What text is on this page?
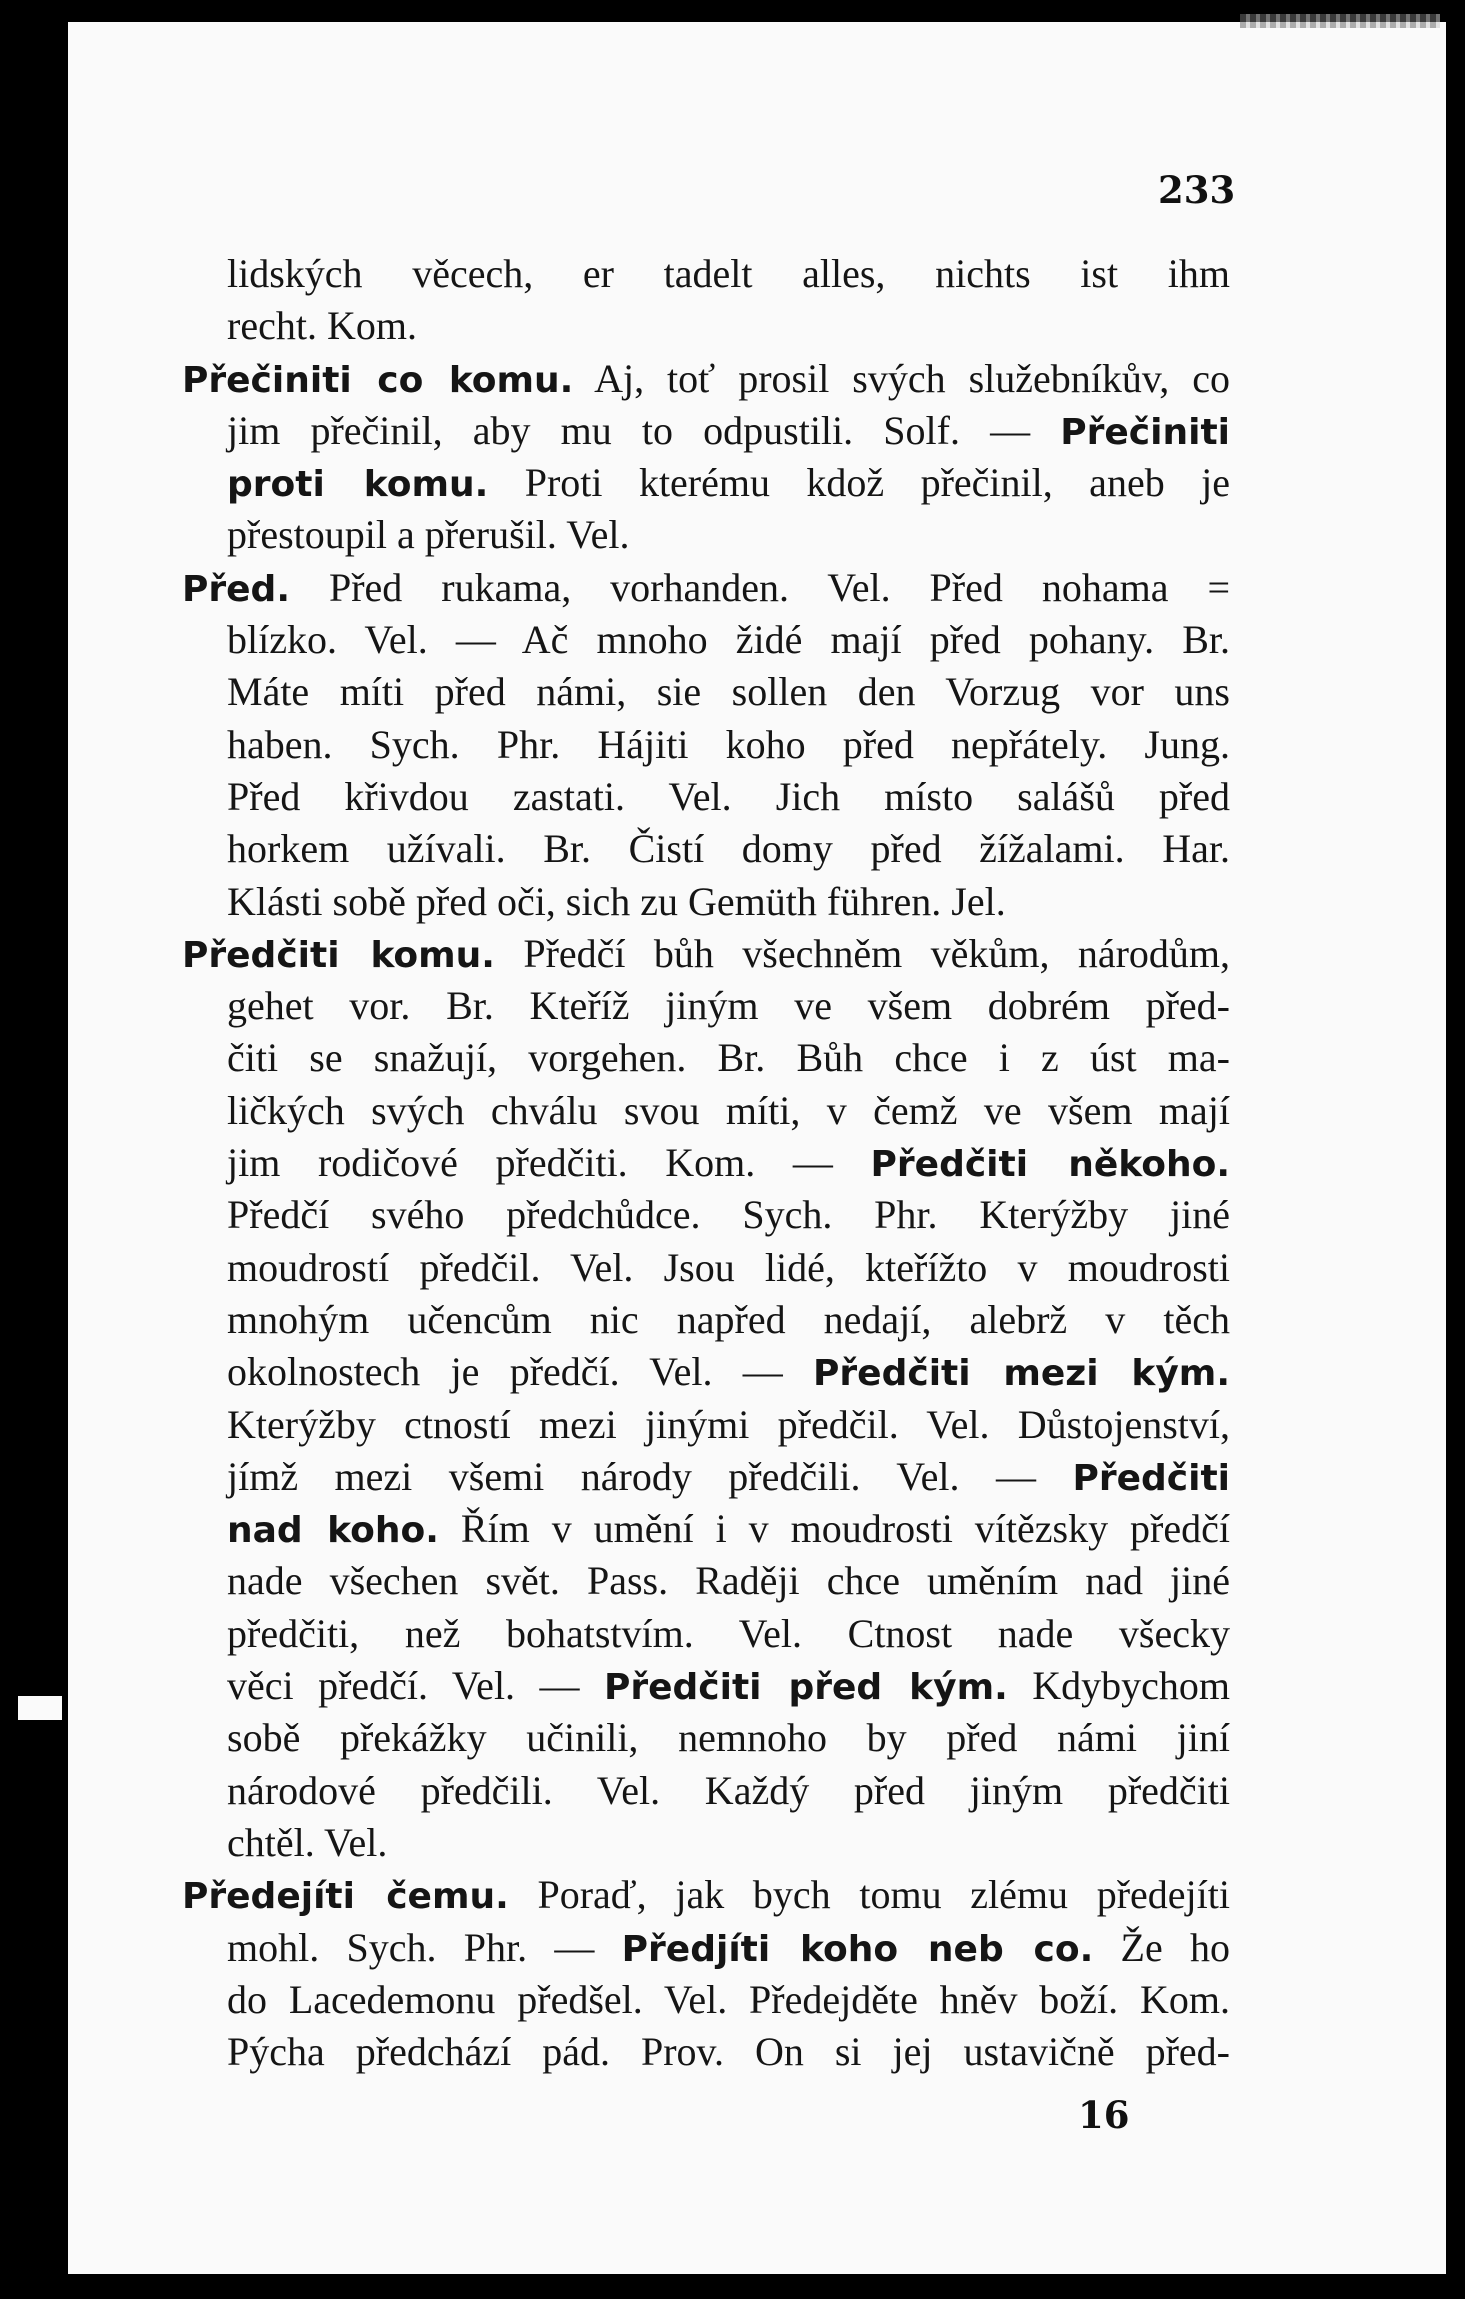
233
lidských věcech, er tadelt alles, nichts ist ihm
recht. Kom.
Přečiniti co komu. Aj, toť prosil svých služebníkův, co
jim přečinil, aby mu to odpustili. Solf. — Přečiniti
proti komu. Proti kterému kdož přečinil, aneb je
přestoupil a přerušil. Vel.
Před. Před rukama, vorhanden. Vel. Před nohama =
blízko. Vel. — Ač mnoho židé mají před pohany. Br.
Máte míti před námi, sie sollen den Vorzug vor uns
haben. Sych. Phr. Hájiti koho před nepřátely. Jung.
Před křivdou zastati. Vel. Jich místo salášů před
horkem užívali. Br. Čistí domy před žížalami. Har.
Klásti sobě před oči, sich zu Gemüth führen. Jel.
Předčiti komu. Předčí bůh všechněm věkům, národům,
gehet vor. Br. Kteříž jiným ve všem dobrém před-
čiti se snažují, vorgehen. Br. Bůh chce i z úst ma-
ličkých svých chválu svou míti, v čemž ve všem mají
jim rodičové předčiti. Kom. — Předčiti někoho.
Předčí svého předchůdce. Sych. Phr. Kterýžby jiné
moudrostí předčil. Vel. Jsou lidé, kteřížto v moudrosti
mnohým učencům nic napřed nedají, alebrž v těch
okolnostech je předčí. Vel. — Předčiti mezi kým.
Kterýžby ctností mezi jinými předčil. Vel. Důstojenství,
jímž mezi všemi národy předčili. Vel. — Předčiti
nad koho. Řím v umění i v moudrosti vítězsky předčí
nade všechen svět. Pass. Raději chce uměním nad jiné
předčiti, než bohatstvím. Vel. Ctnost nade všecky
věci předčí. Vel. — Předčiti před kým. Kdybychom
sobě překážky učinili, nemnoho by před námi jiní
národové předčili. Vel. Každý před jiným předčiti
chtěl. Vel.
Předejíti čemu. Poraď, jak bych tomu zlému předejíti
mohl. Sych. Phr. — Předjíti koho neb co. Že ho
do Lacedemonu předšel. Vel. Předejděte hněv boží. Kom.
Pýcha předchází pád. Prov. On si jej ustavičně před-
16
